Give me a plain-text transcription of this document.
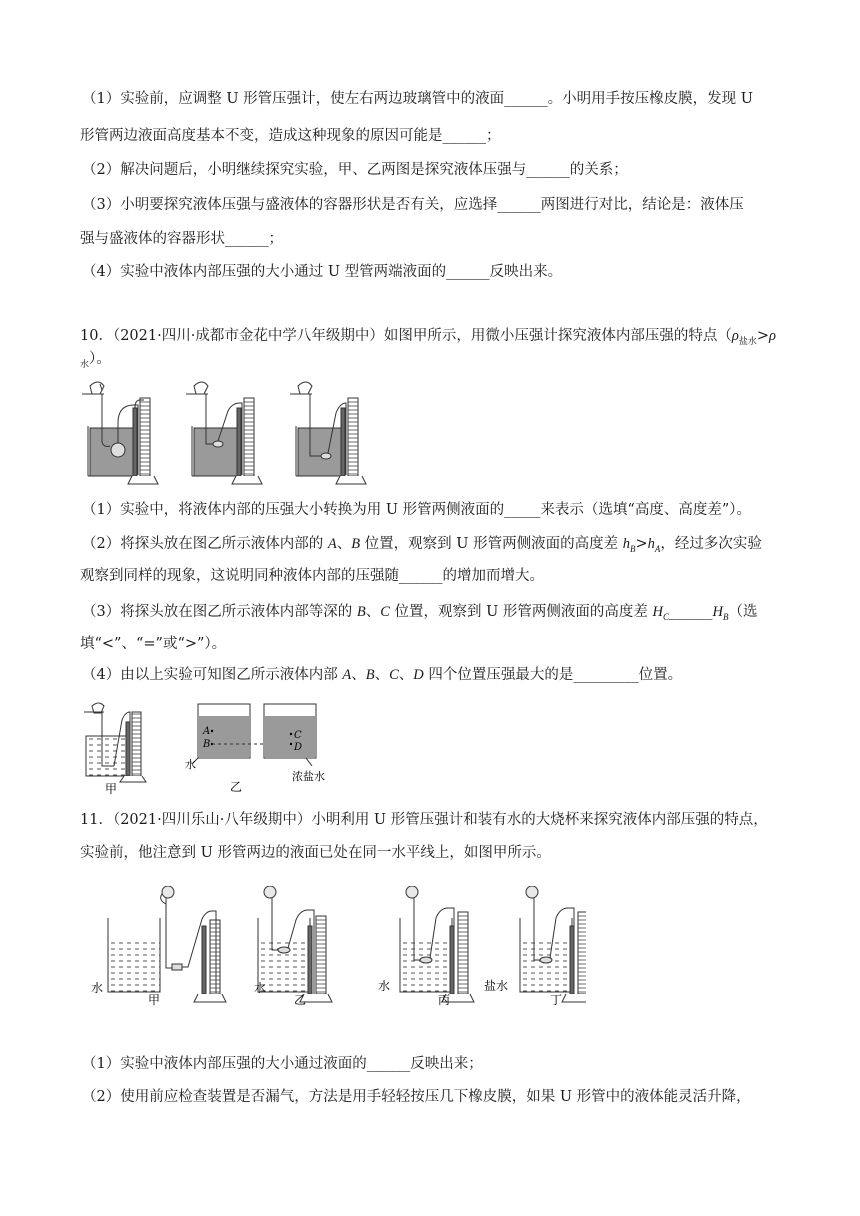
（1）实验前，应调整 U 形管压强计，使左右两边玻璃管中的液面______。小明用手按压橡皮膜，发现 U
形管两边液面高度基本不变，造成这种现象的原因可能是______；
（2）解决问题后，小明继续探究实验，甲、乙两图是探究液体压强与______的关系；
（3）小明要探究液体压强与盛液体的容器形状是否有关，应选择______两图进行对比，结论是：液体压
强与盛液体的容器形状______；
（4）实验中液体内部压强的大小通过 U 型管两端液面的______反映出来。
10．（2021·四川·成都市金花中学八年级期中）如图甲所示，用微小压强计探究液体内部压强的特点（$\rho_{盐水}>\rho$
$_水$）。
（1）实验中，将液体内部的压强大小转换为用 U 形管两侧液面的_____来表示（选填“高度、高度差”）。
（2）将探头放在图乙所示液体内部的 A、B 位置，观察到 U 形管两侧液面的高度差 $h_B>h_A$，经过多次实验
观察到同样的现象，这说明同种液体内部的压强随______的增加而增大。
（3）将探头放在图乙所示液体内部等深的 B、C 位置，观察到 U 形管两侧液面的高度差 $H_C\_\_\_\_\_\_H_B$（选
填“<”、“=”或“>”）。
（4）由以上实验可知图乙所示液体内部 A、B、C、D 四个位置压强最大的是_________位置。
甲
A
B
水
乙
C
D
浓盐水
11．（2021·四川乐山·八年级期中）小明利用 U 形管压强计和装有水的大烧杯来探究液体内部压强的特点，
实验前，他注意到 U 形管两边的液面已处在同一水平线上，如图甲所示。
水
甲
水
乙
水
丙
盐水
丁
（1）实验中液体内部压强的大小通过液面的______反映出来；
（2）使用前应检查装置是否漏气，方法是用手轻轻按压几下橡皮膜，如果 U 形管中的液体能灵活升降，
